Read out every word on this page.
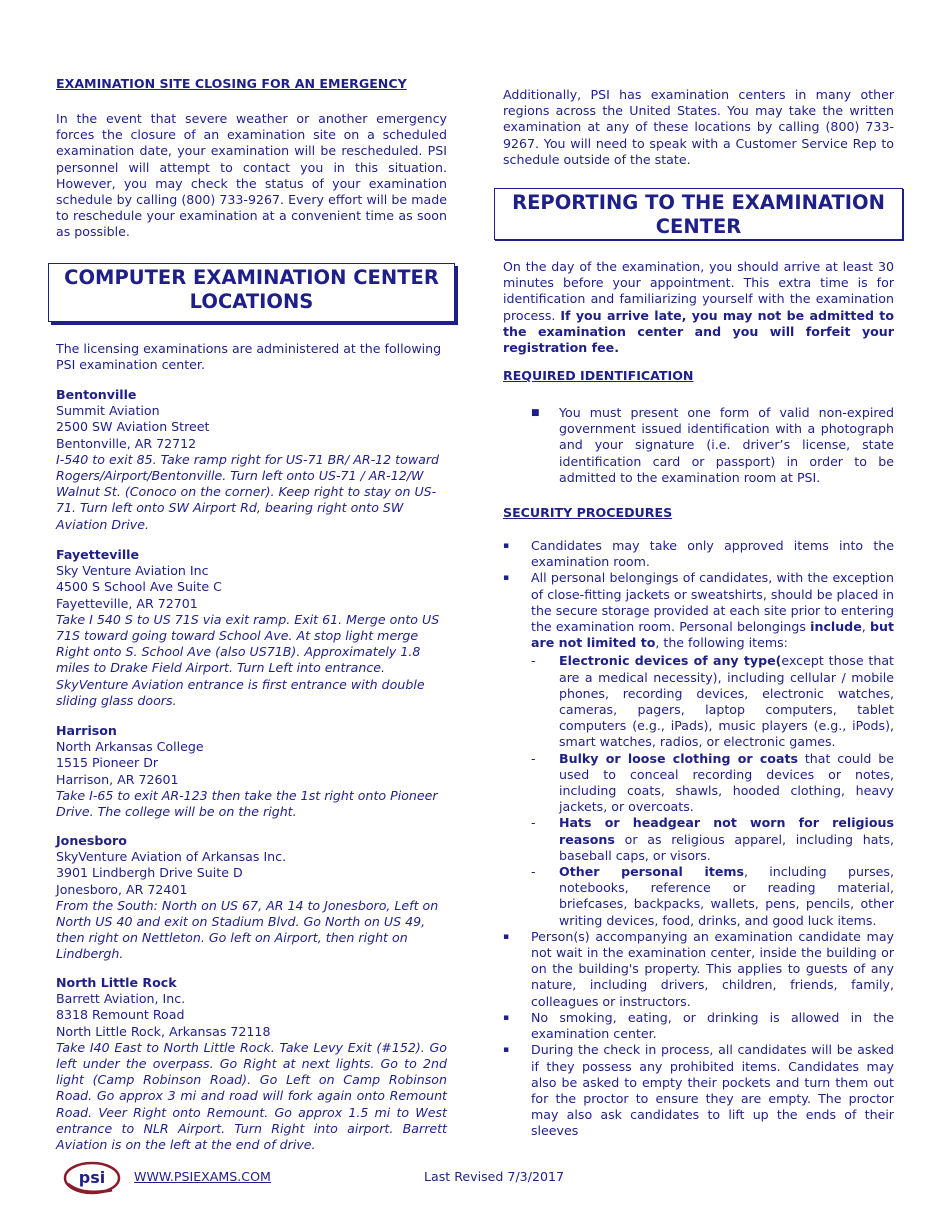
EXAMINATION SITE CLOSING FOR AN EMERGENCY

In the event that severe weather or another emergency forces the closure of an examination site on a scheduled examination date, your examination will be rescheduled. PSI personnel will attempt to contact you in this situation. However, you may check the status of your examination schedule by calling (800) 733-9267. Every effort will be made to reschedule your examination at a convenient time as soon as possible.

COMPUTER EXAMINATION CENTER
LOCATIONS

The licensing examinations are administered at the following PSI examination center.

Bentonville
Summit Aviation
2500 SW Aviation Street
Bentonville, AR 72712
I-540 to exit 85. Take ramp right for US-71 BR/ AR-12 toward Rogers/Airport/Bentonville. Turn left onto US-71 / AR-12/W Walnut St. (Conoco on the corner). Keep right to stay on US-71. Turn left onto SW Airport Rd, bearing right onto SW Aviation Drive.
Fayetteville
Sky Venture Aviation Inc
4500 S School Ave Suite C
Fayetteville, AR 72701
Take I 540 S to US 71S via exit ramp. Exit 61. Merge onto US 71S toward going toward School Ave. At stop light merge Right onto S. School Ave (also US71B). Approximately 1.8 miles to Drake Field Airport. Turn Left into entrance. SkyVenture Aviation entrance is first entrance with double sliding glass doors.
Harrison
North Arkansas College
1515 Pioneer Dr
Harrison, AR 72601
Take I-65 to exit AR-123 then take the 1st right onto Pioneer Drive. The college will be on the right.
Jonesboro
SkyVenture Aviation of Arkansas Inc.
3901 Lindbergh Drive Suite D
Jonesboro, AR 72401
From the South: North on US 67, AR 14 to Jonesboro, Left on North US 40 and exit on Stadium Blvd. Go North on US 49, then right on Nettleton. Go left on Airport, then right on Lindbergh.
North Little Rock
Barrett Aviation, Inc.
8318 Remount Road
North Little Rock, Arkansas 72118
Take I40 East to North Little Rock. Take Levy Exit (#152). Go left under the overpass. Go Right at next lights. Go to 2nd light (Camp Robinson Road). Go Left on Camp Robinson Road. Go approx 3 mi and road will fork again onto Remount Road. Veer Right onto Remount. Go approx 1.5 mi to West entrance to NLR Airport. Turn Right into airport. Barrett Aviation is on the left at the end of drive.

Additionally, PSI has examination centers in many other regions across the United States. You may take the written examination at any of these locations by calling (800) 733-9267. You will need to speak with a Customer Service Rep to schedule outside of the state.

REPORTING TO THE EXAMINATION
CENTER

On the day of the examination, you should arrive at least 30 minutes before your appointment. This extra time is for identification and familiarizing yourself with the examination process. If you arrive late, you may not be admitted to the examination center and you will forfeit your registration fee.

REQUIRED IDENTIFICATION

■ You must present one form of valid non-expired government issued identification with a photograph and your signature (i.e. driver’s license, state identification card or passport) in order to be admitted to the examination room at PSI.

SECURITY PROCEDURES

▪ Candidates may take only approved items into the examination room.
▪ All personal belongings of candidates, with the exception of close-fitting jackets or sweatshirts, should be placed in the secure storage provided at each site prior to entering the examination room. Personal belongings include, but are not limited to, the following items:
- Electronic devices of any type(except those that are a medical necessity), including cellular / mobile phones, recording devices, electronic watches, cameras, pagers, laptop computers, tablet computers (e.g., iPads), music players (e.g., iPods), smart watches, radios, or electronic games.
- Bulky or loose clothing or coats that could be used to conceal recording devices or notes, including coats, shawls, hooded clothing, heavy jackets, or overcoats.
- Hats or headgear not worn for religious reasons or as religious apparel, including hats, baseball caps, or visors.
- Other personal items, including purses, notebooks, reference or reading material, briefcases, backpacks, wallets, pens, pencils, other writing devices, food, drinks, and good luck items.
▪ Person(s) accompanying an examination candidate may not wait in the examination center, inside the building or on the building's property. This applies to guests of any nature, including drivers, children, friends, family, colleagues or instructors.
▪ No smoking, eating, or drinking is allowed in the examination center.
▪ During the check in process, all candidates will be asked if they possess any prohibited items. Candidates may also be asked to empty their pockets and turn them out for the proctor to ensure they are empty. The proctor may also ask candidates to lift up the ends of their sleeves
psi WWW.PSIEXAMS.COM	Last Revised 7/3/2017
